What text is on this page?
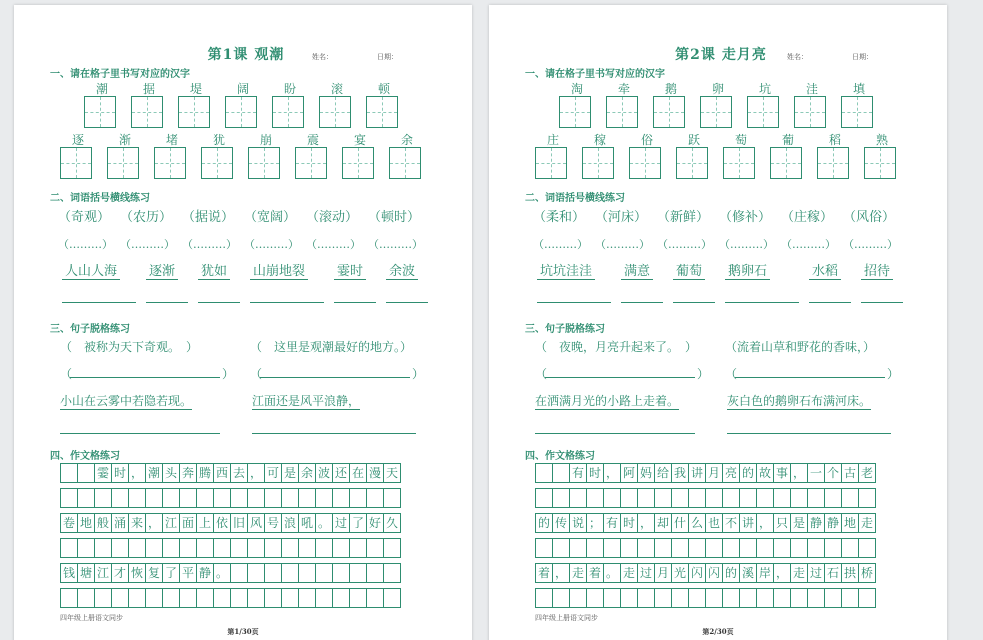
第1课 观潮	姓名：	日期：
一、请在格子里书写对应的汉字
潮	据	堤	阔	盼	滚	顿
逐	渐	堵	犹	崩	震	宴	余
二、词语括号横线练习
（奇观） （农历） （据说） （宽阔） （滚动） （顿时）
（………） （………） （………） （………） （………） （………）
人山人海 逐渐 犹如 山崩地裂 霎时 余波
三、句子脱格练习
（　被称为天下奇观。　）	（　这里是观潮最好的地方。）
（	） （	）
小山在云雾中若隐若现。	江面还是风平浪静，
四、作文格练习
霎 时 ， 潮 头 奔 腾 西 去 ， 可 是 余 波 还 在 漫 天
卷 地 般 涌 来 ， 江 面 上 依 旧 风 号 浪 吼 。 过 了 好 久
钱 塘 江 才 恢 复 了 平 静 。
四年级上册语文同步
第1/30页
第2课 走月亮	姓名：	日期：
一、请在格子里书写对应的汉字
淘	牵	鹅	卵	坑	洼	填
庄	稼	俗	跃	萄	葡	稻	熟
二、词语括号横线练习
（柔和） （河床） （新鲜） （修补） （庄稼） （风俗）
（………） （………） （………） （………） （………） （………）
坑坑洼洼 满意 葡萄 鹅卵石	水稻 招待
三、句子脱格练习
（　夜晚，月亮升起来了。　） （流着山草和野花的香味，）
（	） （	）
在洒满月光的小路上走着。	灰白色的鹅卵石布满河床。
四、作文格练习
有 时 ， 阿 妈 给 我 讲 月 亮 的 故 事 ， 一 个 古 老
的 传 说 ； 有 时 ， 却 什 么 也 不 讲 ， 只 是 静 静 地 走
着 ， 走 着 。 走 过 月 光 闪 闪 的 溪 岸 ， 走 过 石 拱 桥
四年级上册语文同步
第2/30页
